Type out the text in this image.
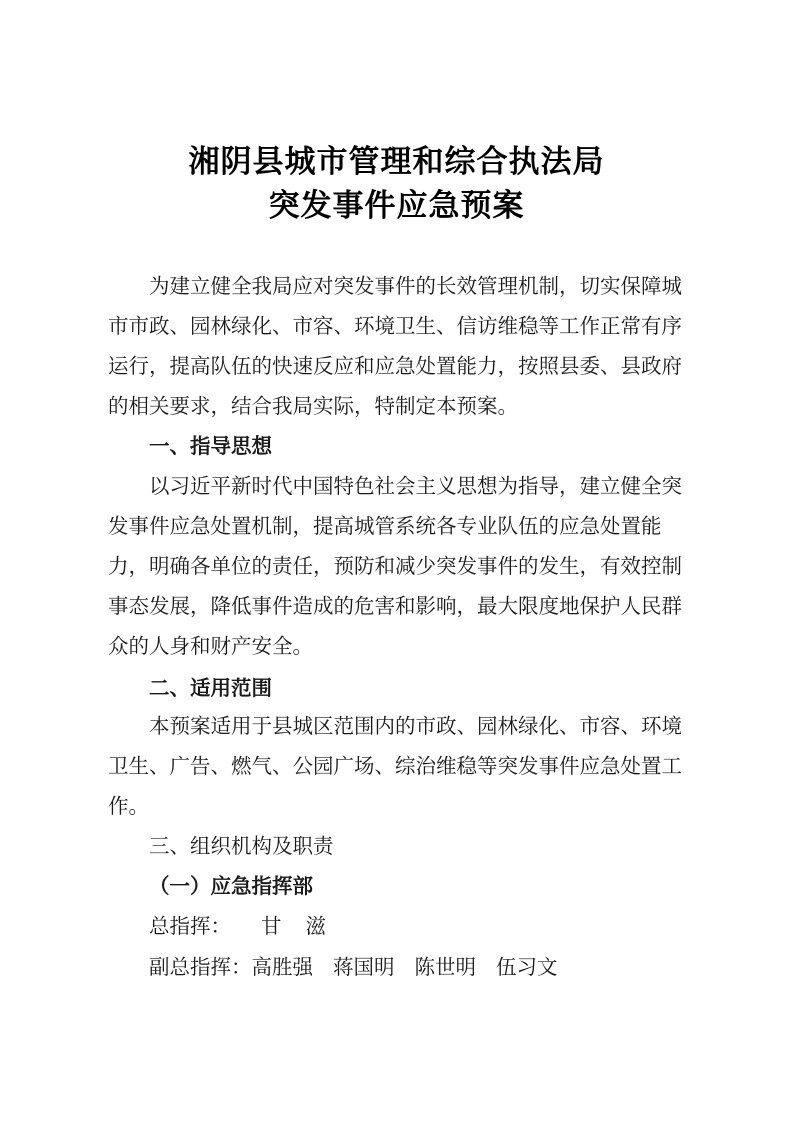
湘阴县城市管理和综合执法局
突发事件应急预案
为建立健全我局应对突发事件的长效管理机制，切实保障城
市市政、园林绿化、市容、环境卫生、信访维稳等工作正常有序
运行，提高队伍的快速反应和应急处置能力，按照县委、县政府
的相关要求，结合我局实际，特制定本预案。
一、指导思想
以习近平新时代中国特色社会主义思想为指导，建立健全突
发事件应急处置机制，提高城管系统各专业队伍的应急处置能
力，明确各单位的责任，预防和减少突发事件的发生，有效控制
事态发展，降低事件造成的危害和影响，最大限度地保护人民群
众的人身和财产安全。
二、适用范围
本预案适用于县城区范围内的市政、园林绿化、市容、环境
卫生、广告、燃气、公园广场、综治维稳等突发事件应急处置工
作。
三、组织机构及职责
（一）应急指挥部
总指挥： 甘滋
副总指挥：高胜强 蒋国明 陈世明 伍习文
